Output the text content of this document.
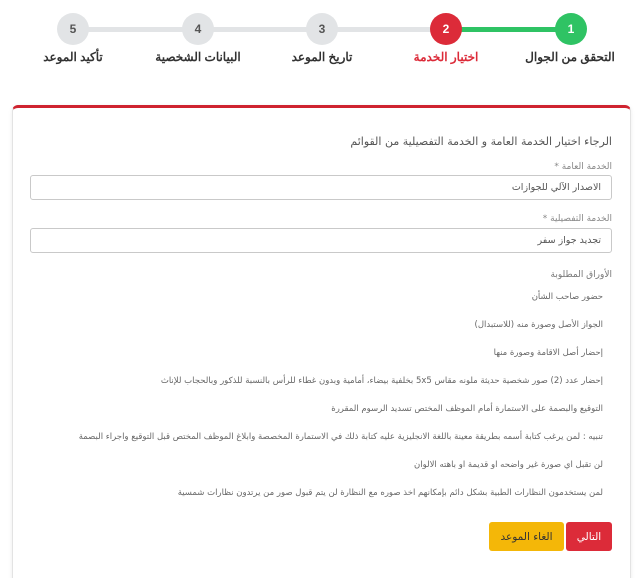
1
التحقق من الجوال
2
اختيار الخدمة
3
تاريخ الموعد
4
البيانات الشخصية
5
تأكيد الموعد
الرجاء اختيار الخدمة العامة و الخدمة التفصيلية من القوائم
الخدمة العامة *
الاصدار الآلي للجوازات
الخدمة التفصيلية *
تجديد جواز سفر
الأوراق المطلوبة
حضور صاحب الشأن
الجواز الأصل وصورة منه (للاستبدال)
إحضار أصل الاقامة وصورة منها
إحضار عدد (2) صور شخصية حديثة ملونه مقاس 5x5 بخلفية بيضاء، أمامية وبدون غطاء للرأس بالنسبة للذكور وبالحجاب للإناث
التوقيع والبصمة على الاستمارة أمام الموظف المختص تسديد الرسوم المقررة
تنبيه : لمن يرغب كتابة أسمه بطريقة معينة باللغة الانجليزية عليه كتابة ذلك في الاستمارة المخصصة وابلاغ الموظف المختص قبل التوقيع واجراء البصمة
لن تقبل اي صورة غير واضحه او قديمة او باهته الالوان
لمن يستخدمون النظارات الطبية بشكل دائم بإمكانهم اخذ صوره مع النظارة لن يتم قبول صور من يرتدون نظارات شمسية
التالي
الغاء الموعد
